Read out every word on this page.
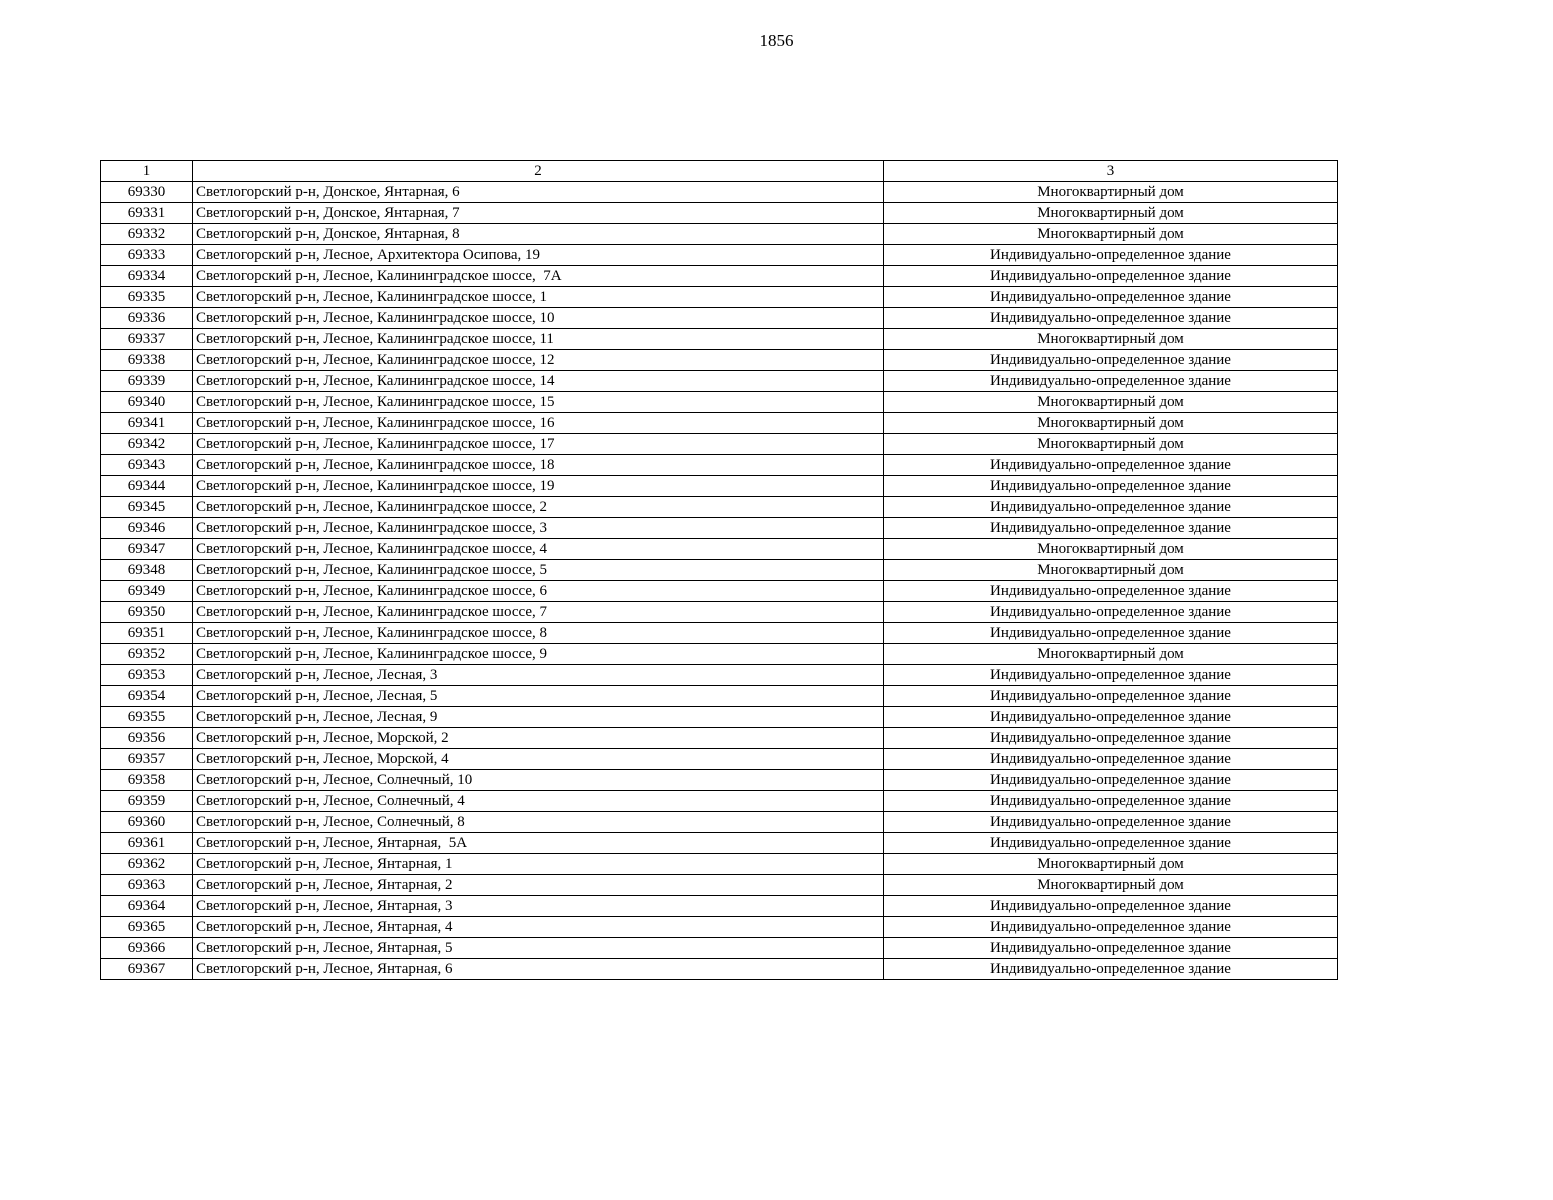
1856
1	2	3
69330	Светлогорский р-н, Донское, Янтарная, 6	Многоквартирный дом
69331	Светлогорский р-н, Донское, Янтарная, 7	Многоквартирный дом
69332	Светлогорский р-н, Донское, Янтарная, 8	Многоквартирный дом
69333	Светлогорский р-н, Лесное, Архитектора Осипова, 19	Индивидуально-определенное здание
69334	Светлогорский р-н, Лесное, Калининградское шоссе,  7А	Индивидуально-определенное здание
69335	Светлогорский р-н, Лесное, Калининградское шоссе, 1	Индивидуально-определенное здание
69336	Светлогорский р-н, Лесное, Калининградское шоссе, 10	Индивидуально-определенное здание
69337	Светлогорский р-н, Лесное, Калининградское шоссе, 11	Многоквартирный дом
69338	Светлогорский р-н, Лесное, Калининградское шоссе, 12	Индивидуально-определенное здание
69339	Светлогорский р-н, Лесное, Калининградское шоссе, 14	Индивидуально-определенное здание
69340	Светлогорский р-н, Лесное, Калининградское шоссе, 15	Многоквартирный дом
69341	Светлогорский р-н, Лесное, Калининградское шоссе, 16	Многоквартирный дом
69342	Светлогорский р-н, Лесное, Калининградское шоссе, 17	Многоквартирный дом
69343	Светлогорский р-н, Лесное, Калининградское шоссе, 18	Индивидуально-определенное здание
69344	Светлогорский р-н, Лесное, Калининградское шоссе, 19	Индивидуально-определенное здание
69345	Светлогорский р-н, Лесное, Калининградское шоссе, 2	Индивидуально-определенное здание
69346	Светлогорский р-н, Лесное, Калининградское шоссе, 3	Индивидуально-определенное здание
69347	Светлогорский р-н, Лесное, Калининградское шоссе, 4	Многоквартирный дом
69348	Светлогорский р-н, Лесное, Калининградское шоссе, 5	Многоквартирный дом
69349	Светлогорский р-н, Лесное, Калининградское шоссе, 6	Индивидуально-определенное здание
69350	Светлогорский р-н, Лесное, Калининградское шоссе, 7	Индивидуально-определенное здание
69351	Светлогорский р-н, Лесное, Калининградское шоссе, 8	Индивидуально-определенное здание
69352	Светлогорский р-н, Лесное, Калининградское шоссе, 9	Многоквартирный дом
69353	Светлогорский р-н, Лесное, Лесная, 3	Индивидуально-определенное здание
69354	Светлогорский р-н, Лесное, Лесная, 5	Индивидуально-определенное здание
69355	Светлогорский р-н, Лесное, Лесная, 9	Индивидуально-определенное здание
69356	Светлогорский р-н, Лесное, Морской, 2	Индивидуально-определенное здание
69357	Светлогорский р-н, Лесное, Морской, 4	Индивидуально-определенное здание
69358	Светлогорский р-н, Лесное, Солнечный, 10	Индивидуально-определенное здание
69359	Светлогорский р-н, Лесное, Солнечный, 4	Индивидуально-определенное здание
69360	Светлогорский р-н, Лесное, Солнечный, 8	Индивидуально-определенное здание
69361	Светлогорский р-н, Лесное, Янтарная,  5А	Индивидуально-определенное здание
69362	Светлогорский р-н, Лесное, Янтарная, 1	Многоквартирный дом
69363	Светлогорский р-н, Лесное, Янтарная, 2	Многоквартирный дом
69364	Светлогорский р-н, Лесное, Янтарная, 3	Индивидуально-определенное здание
69365	Светлогорский р-н, Лесное, Янтарная, 4	Индивидуально-определенное здание
69366	Светлогорский р-н, Лесное, Янтарная, 5	Индивидуально-определенное здание
69367	Светлогорский р-н, Лесное, Янтарная, 6	Индивидуально-определенное здание
